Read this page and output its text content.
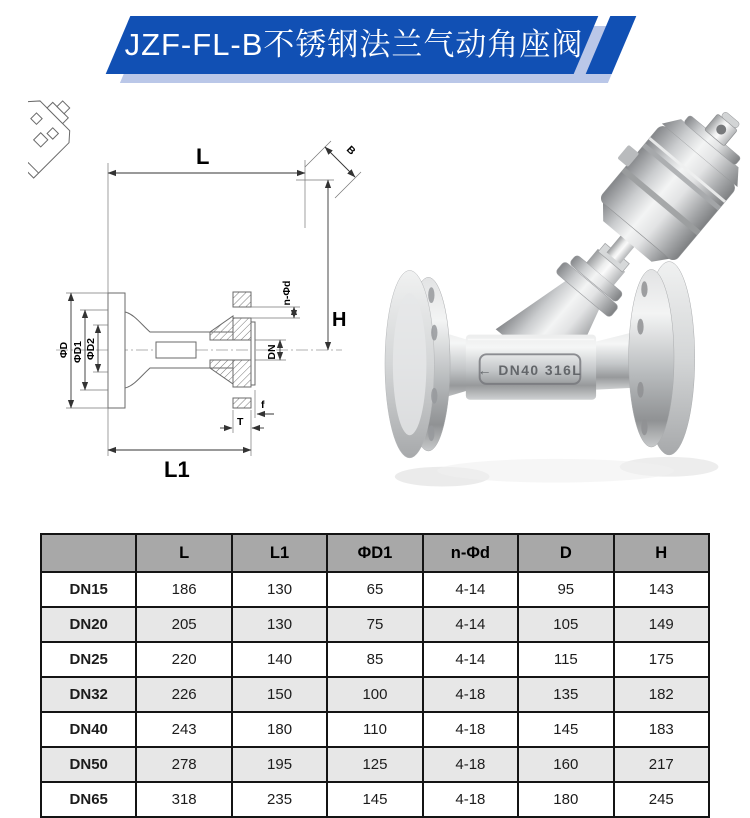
JZF-FL-B不锈钢法兰气动角座阀
L	B
n-Φd
H
ΦD ΦD1 ΦD2	DN
f
T
L1
← DN40 316L
	L	L1	ΦD1	n-Φd	D	H
DN15	186	130	65	4-14	95	143
DN20	205	130	75	4-14	105	149
DN25	220	140	85	4-14	115	175
DN32	226	150	100	4-18	135	182
DN40	243	180	110	4-18	145	183
DN50	278	195	125	4-18	160	217
DN65	318	235	145	4-18	180	245
